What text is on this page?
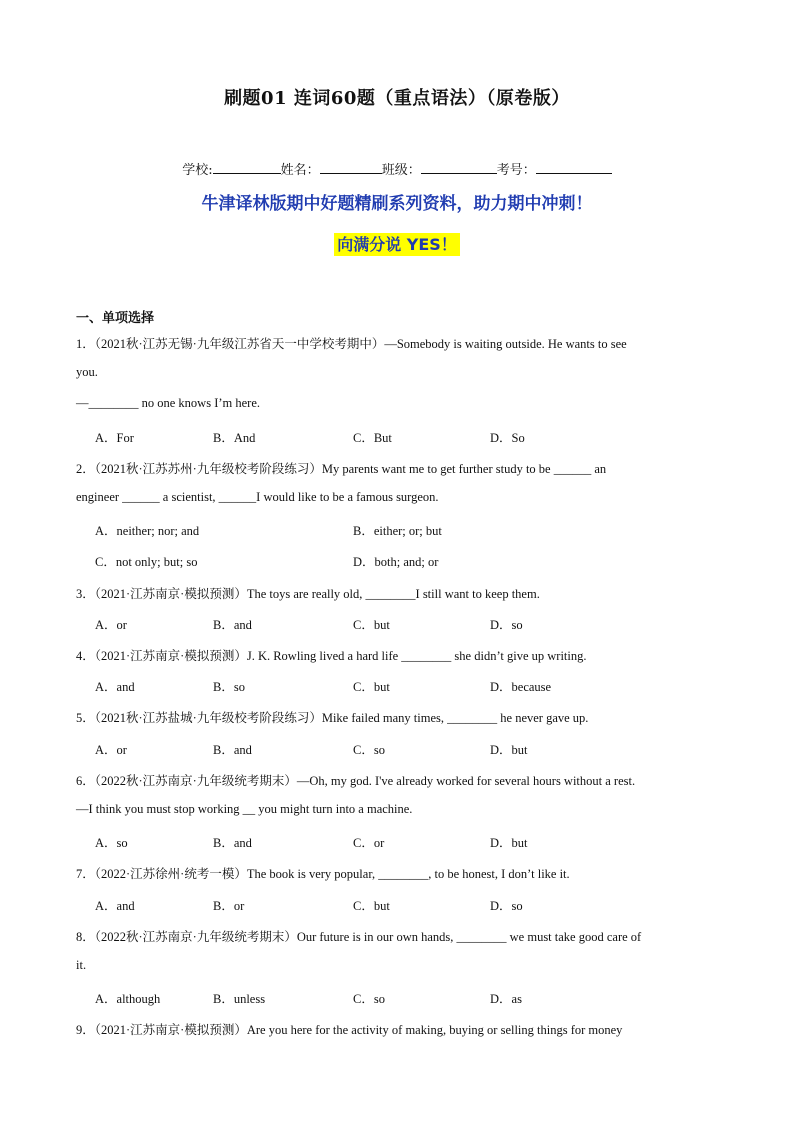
刷题01 连词60题（重点语法）（原卷版）
学校:	姓名：	班级：	考号：
牛津译林版期中好题精刷系列资料，助力期中冲刺！
向满分说 YES！
一、单项选择
1．（2021秋·江苏无锡·九年级江苏省天一中学校考期中）—Somebody is waiting outside. He wants to see
you.
—________ no one knows I’m here.
A．For	B．And	C．But	D．So
2．（2021秋·江苏苏州·九年级校考阶段练习）My parents want me to get further study to be ______ an
engineer ______ a scientist, ______I would like to be a famous surgeon.
A．neither; nor; and	B．either; or; but
C．not only; but; so	D．both; and; or
3．（2021·江苏南京·模拟预测）The toys are really old, ________I still want to keep them.
A．or	B．and	C．but	D．so
4．（2021·江苏南京·模拟预测）J. K. Rowling lived a hard life ________ she didn’t give up writing.
A．and	B．so	C．but	D．because
5．（2021秋·江苏盐城·九年级校考阶段练习）Mike failed many times, ________ he never gave up.
A．or	B．and	C．so	D．but
6．（2022秋·江苏南京·九年级统考期末）—Oh, my god. I've already worked for several hours without a rest.
—I think you must stop working __ you might turn into a machine.
A．so	B．and	C．or	D．but
7．（2022·江苏徐州·统考一模）The book is very popular, ________, to be honest, I don’t like it.
A．and	B．or	C．but	D．so
8．（2022秋·江苏南京·九年级统考期末）Our future is in our own hands, ________ we must take good care of
it.
A．although	B．unless	C．so	D．as
9．（2021·江苏南京·模拟预测）Are you here for the activity of making, buying or selling things for money
